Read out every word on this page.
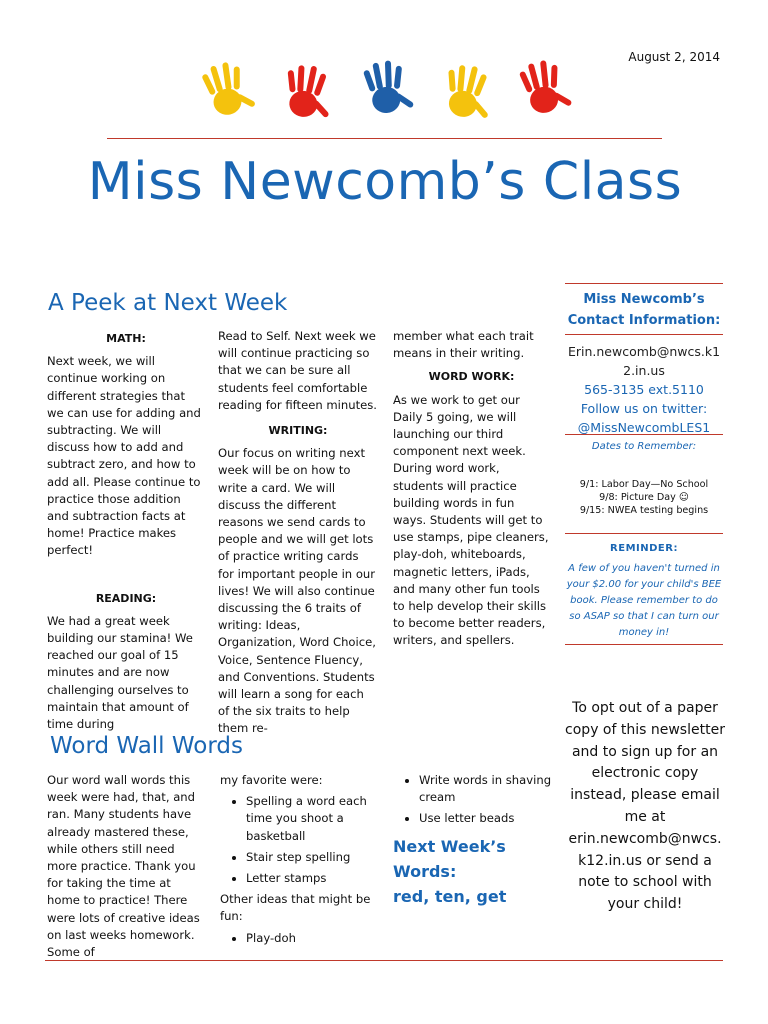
August 2, 2014
Miss Newcomb’s Class
A Peek at Next Week
MATH:

Next week, we will continue working on different strategies that we can use for adding and subtracting. We will discuss how to add and subtract zero, and how to add all. Please continue to practice those addition and subtraction facts at home! Practice makes perfect!

READING:

We had a great week building our stamina! We reached our goal of 15 minutes and are now challenging ourselves to maintain that amount of time during

Read to Self. Next week we will continue practicing so that we can be sure all students feel comfortable reading for fifteen minutes.

WRITING:

Our focus on writing next week will be on how to write a card. We will discuss the different reasons we send cards to people and we will get lots of practice writing cards for important people in our lives! We will also continue discussing the 6 traits of writing: Ideas, Organization, Word Choice, Voice, Sentence Fluency, and Conventions. Students will learn a song for each of the six traits to help them re-

member what each trait means in their writing.

WORD WORK:

As we work to get our Daily 5 going, we will launching our third component next week. During word work, students will practice building words in fun ways. Students will get to use stamps, pipe cleaners, play-doh, whiteboards, magnetic letters, iPads, and many other fun tools to help develop their skills to become better readers, writers, and spellers.

Miss Newcomb’s Contact Information:
Erin.newcomb@nwcs.k12.in.us
565-3135 ext.5110
Follow us on twitter:
@MissNewcombLES1
Dates to Remember:
9/1: Labor Day—No School
9/8: Picture Day ☺
9/15: NWEA testing begins
REMINDER:
A few of you haven't turned in your $2.00 for your child's BEE book. Please remember to do so ASAP so that I can turn our money in!
To opt out of a paper copy of this newsletter and to sign up for an electronic copy instead, please email me at erin.newcomb@nwcs.k12.in.us or send a note to school with your child!
Word Wall Words

Our word wall words this week were had, that, and ran. Many students have already mastered these, while others still need more practice. Thank you for taking the time at home to practice! There were lots of creative ideas on last weeks homework. Some of

my favorite were:

• Spelling a word each time you shoot a basketball
• Stair step spelling
• Letter stamps

Other ideas that might be fun:

• Play-doh
• Write words in shaving cream
• Use letter beads
Next Week’s Words:
red, ten, get
